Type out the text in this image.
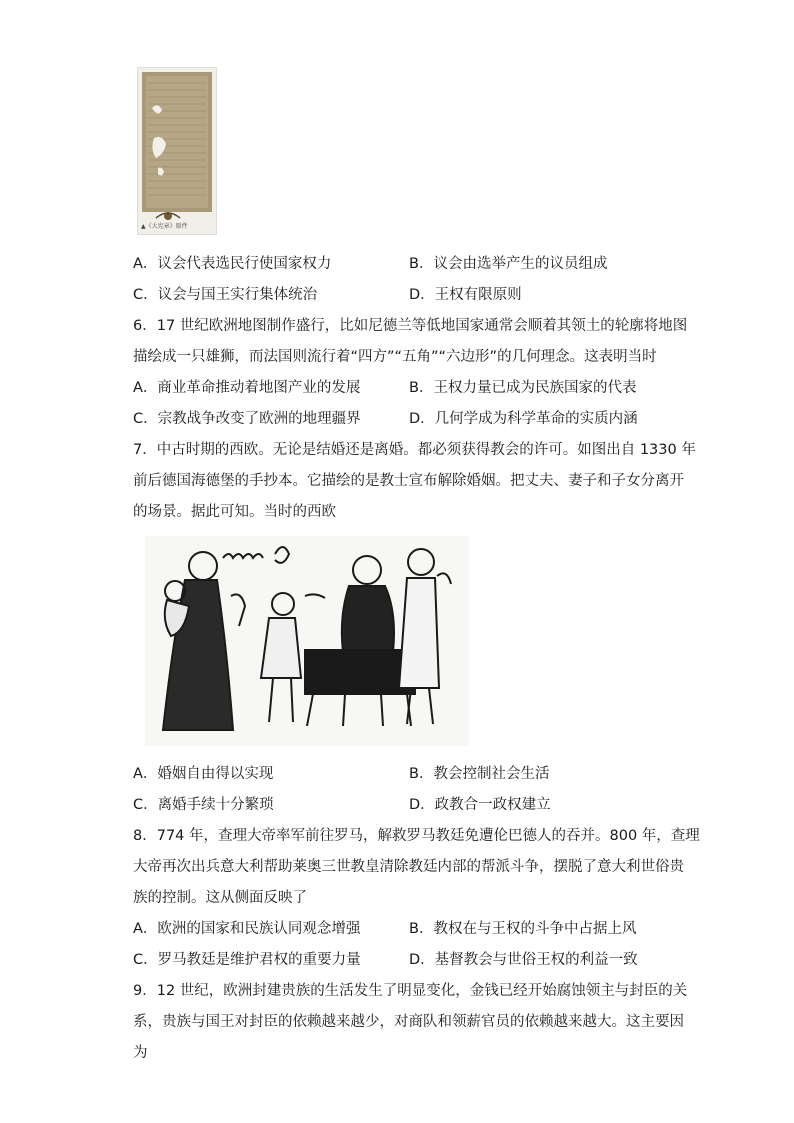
▲《大宪章》原件
A．议会代表选民行使国家权力	B．议会由选举产生的议员组成
C．议会与国王实行集体统治	D．王权有限原则
6．17 世纪欧洲地图制作盛行，比如尼德兰等低地国家通常会顺着其领土的轮廓将地图
描绘成一只雄狮，而法国则流行着“四方”“五角”“六边形”的几何理念。这表明当时
A．商业革命推动着地图产业的发展	B．王权力量已成为民族国家的代表
C．宗教战争改变了欧洲的地理疆界	D．几何学成为科学革命的实质内涵
7．中古时期的西欧。无论是结婚还是离婚。都必须获得教会的许可。如图出自 1330 年
前后德国海德堡的手抄本。它描绘的是教士宣布解除婚姻。把丈夫、妻子和子女分离开
的场景。据此可知。当时的西欧
A．婚姻自由得以实现	B．教会控制社会生活
C．离婚手续十分繁琐	D．政教合一政权建立
8．774 年，查理大帝率军前往罗马，解救罗马教廷免遭伦巴德人的吞并。800 年，查理
大帝再次出兵意大利帮助莱奥三世教皇清除教廷内部的帮派斗争，摆脱了意大利世俗贵
族的控制。这从侧面反映了
A．欧洲的国家和民族认同观念增强	B．教权在与王权的斗争中占据上风
C．罗马教廷是维护君权的重要力量	D．基督教会与世俗王权的利益一致
9．12 世纪，欧洲封建贵族的生活发生了明显变化，金钱已经开始腐蚀领主与封臣的关
系，贵族与国王对封臣的依赖越来越少，对商队和领薪官员的依赖越来越大。这主要因
为
